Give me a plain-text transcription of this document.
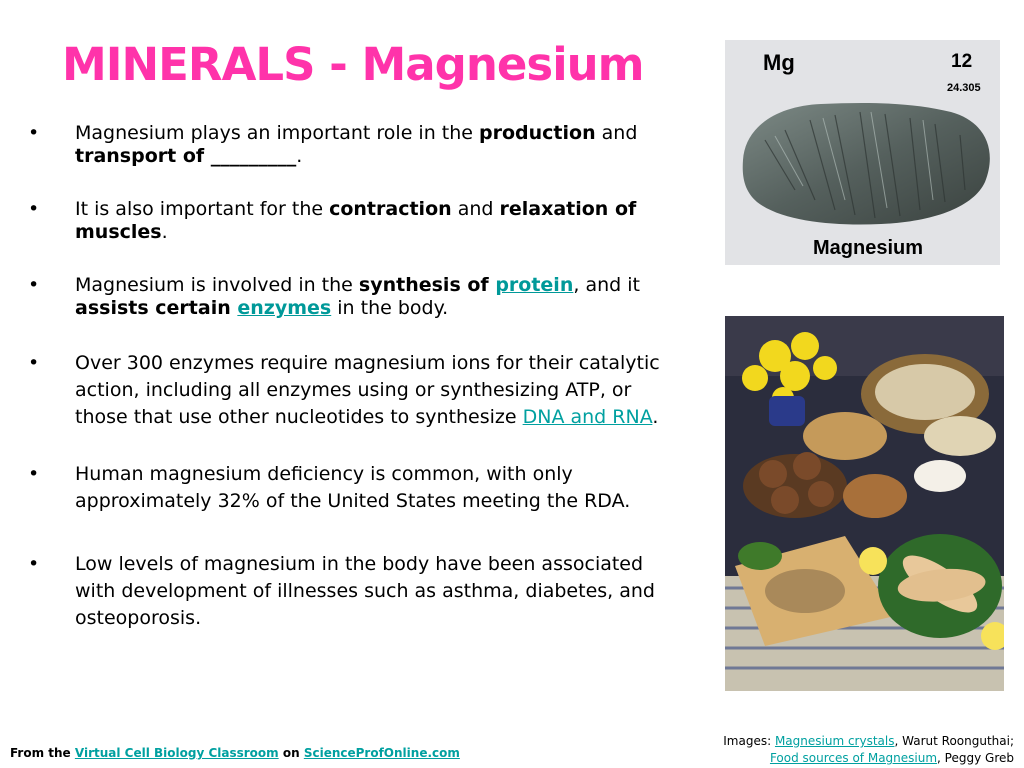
MINERALS - Magnesium
• Magnesium plays an important role in the production and transport of _________.
• It is also important for the contraction and relaxation of muscles.
• Magnesium is involved in the synthesis of protein, and it assists certain enzymes in the body.
• Over 300 enzymes require magnesium ions for their catalytic action, including all enzymes using or synthesizing ATP, or those that use other nucleotides to synthesize DNA and RNA.
• Human magnesium deficiency is common, with only approximately 32% of the United States meeting the RDA.
• Low levels of magnesium in the body have been associated with development of illnesses such as asthma, diabetes, and osteoporosis.
Mg	12
24.305
Magnesium
Images: Magnesium crystals, Warut Roonguthai;
Food sources of Magnesium, Peggy Greb
From the Virtual Cell Biology Classroom on ScienceProfOnline.com
